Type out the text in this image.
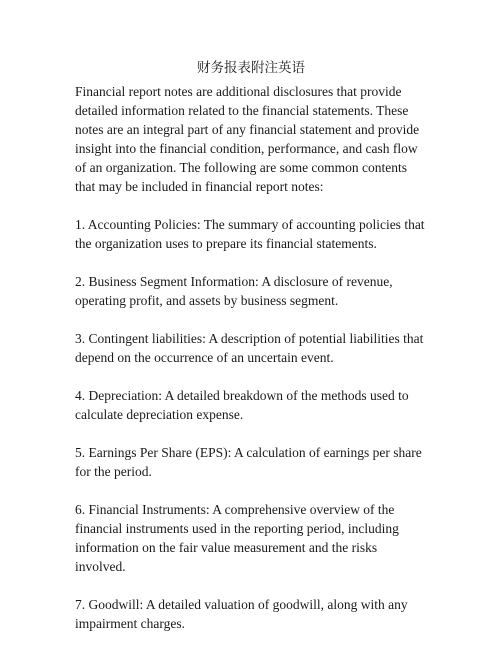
财务报表附注英语

Financial report notes are additional disclosures that provide detailed information related to the financial statements. These notes are an integral part of any financial statement and provide insight into the financial condition, performance, and cash flow of an organization. The following are some common contents that may be included in financial report notes:

1. Accounting Policies: The summary of accounting policies that the organization uses to prepare its financial statements.

2. Business Segment Information: A disclosure of revenue, operating profit, and assets by business segment.

3. Contingent liabilities: A description of potential liabilities that depend on the occurrence of an uncertain event.

4. Depreciation: A detailed breakdown of the methods used to calculate depreciation expense.

5. Earnings Per Share (EPS): A calculation of earnings per share for the period.

6. Financial Instruments: A comprehensive overview of the financial instruments used in the reporting period, including information on the fair value measurement and the risks involved.

7. Goodwill: A detailed valuation of goodwill, along with any impairment charges.
